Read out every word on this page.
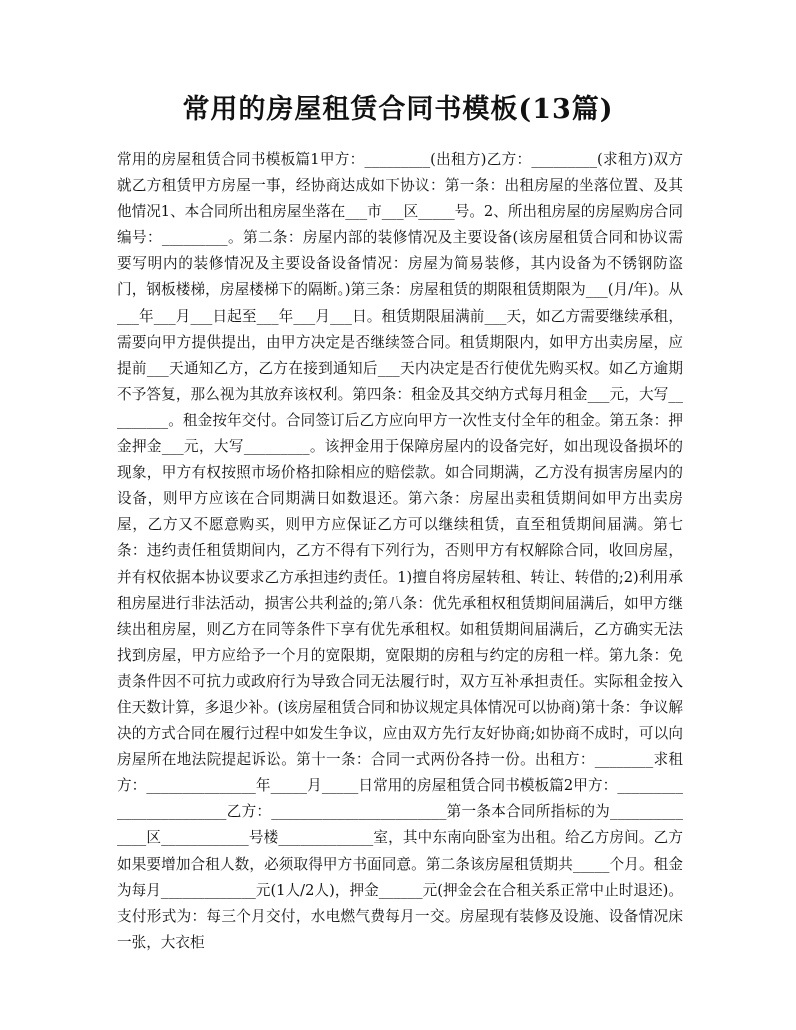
常用的房屋租赁合同书模板(13篇)

常用的房屋租赁合同书模板篇1甲方：_________(出租方)乙方：_________(求租方)双方就乙方租赁甲方房屋一事，经协商达成如下协议：第一条：出租房屋的坐落位置、及其他情况1、本合同所出租房屋坐落在___市___区_____号。2、所出租房屋的房屋购房合同编号：_________。第二条：房屋内部的装修情况及主要设备(该房屋租赁合同和协议需要写明内的装修情况及主要设备设备情况：房屋为简易装修，其内设备为不锈钢防盗门，钢板楼梯，房屋楼梯下的隔断。)第三条：房屋租赁的期限租赁期限为___(月/年)。从___年___月___日起至___年___月___日。租赁期限届满前___天，如乙方需要继续承租，需要向甲方提供提出，由甲方决定是否继续签合同。租赁期限内，如甲方出卖房屋，应提前___天通知乙方，乙方在接到通知后___天内决定是否行使优先购买权。如乙方逾期不予答复，那么视为其放弃该权利。第四条：租金及其交纳方式每月租金___元，大写_________。租金按年交付。合同签订后乙方应向甲方一次性支付全年的租金。第五条：押金押金___元，大写_________。该押金用于保障房屋内的设备完好，如出现设备损坏的现象，甲方有权按照市场价格扣除相应的赔偿款。如合同期满，乙方没有损害房屋内的设备，则甲方应该在合同期满日如数退还。第六条：房屋出卖租赁期间如甲方出卖房屋，乙方又不愿意购买，则甲方应保证乙方可以继续租赁，直至租赁期间届满。第七条：违约责任租赁期间内，乙方不得有下列行为，否则甲方有权解除合同，收回房屋，并有权依据本协议要求乙方承担违约责任。1)擅自将房屋转租、转让、转借的;2)利用承租房屋进行非法活动，损害公共利益的;第八条：优先承租权租赁期间届满后，如甲方继续出租房屋，则乙方在同等条件下享有优先承租权。如租赁期间届满后，乙方确实无法找到房屋，甲方应给予一个月的宽限期，宽限期的房租与约定的房租一样。第九条：免责条件因不可抗力或政府行为导致合同无法履行时，双方互补承担责任。实际租金按入住天数计算，多退少补。(该房屋租赁合同和协议规定具体情况可以协商)第十条：争议解决的方式合同在履行过程中如发生争议，应由双方先行友好协商;如协商不成时，可以向房屋所在地法院提起诉讼。第十一条：合同一式两份各持一份。出租方：________求租方：_______________年_____月_____日常用的房屋租赁合同书模板篇2甲方：________________________乙方：________________________第一条本合同所指标的为______________区____________号楼_____________室，其中东南向卧室为出租。给乙方房间。乙方如果要增加合租人数，必须取得甲方书面同意。第二条该房屋租赁期共_____个月。租金为每月_____________元(1人/2人)，押金______元(押金会在合租关系正常中止时退还)。支付形式为：每三个月交付，水电燃气费每月一交。房屋现有装修及设施、设备情况床一张，大衣柜
